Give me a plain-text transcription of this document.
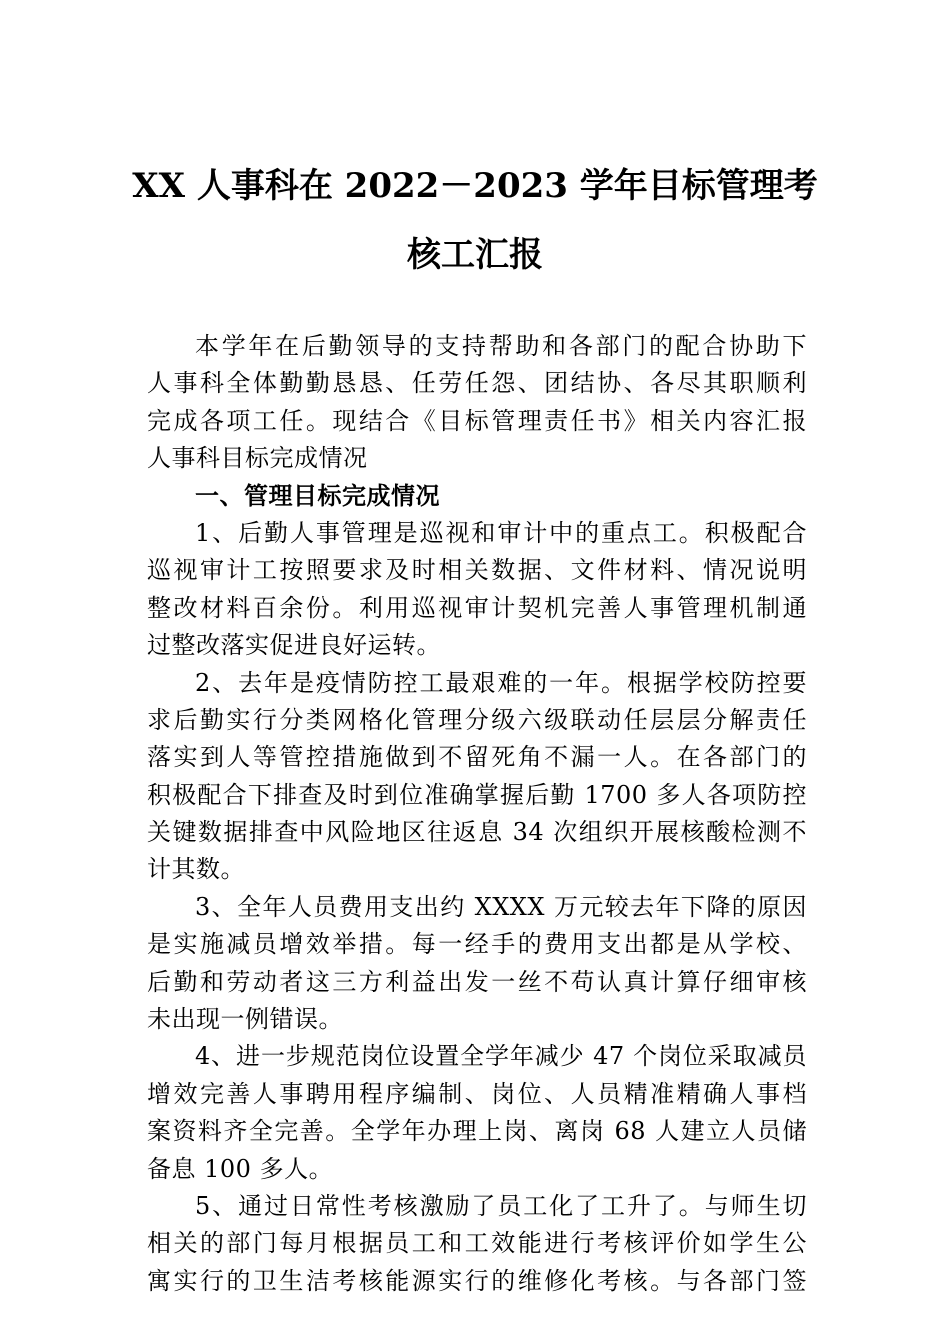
XX 人事科在 2022－2023 学年目标管理考
核工汇报
本学年在后勤领导的支持帮助和各部门的配合协助下
人事科全体勤勤恳恳、任劳任怨、团结协、各尽其职顺利
完成各项工任。现结合《目标管理责任书》相关内容汇报
人事科目标完成情况
一、管理目标完成情况
1、后勤人事管理是巡视和审计中的重点工。积极配合
巡视审计工按照要求及时相关数据、文件材料、情况说明
整改材料百余份。利用巡视审计契机完善人事管理机制通
过整改落实促进良好运转。
2、去年是疫情防控工最艰难的一年。根据学校防控要
求后勤实行分类网格化管理分级六级联动任层层分解责任
落实到人等管控措施做到不留死角不漏一人。在各部门的
积极配合下排查及时到位准确掌握后勤 1700 多人各项防控
关键数据排查中风险地区往返息 34 次组织开展核酸检测不
计其数。
3、全年人员费用支出约 XXXX 万元较去年下降的原因
是实施减员增效举措。每一经手的费用支出都是从学校、
后勤和劳动者这三方利益出发一丝不苟认真计算仔细审核
未出现一例错误。
4、进一步规范岗位设置全学年减少 47 个岗位采取减员
增效完善人事聘用程序编制、岗位、人员精准精确人事档
案资料齐全完善。全学年办理上岗、离岗 68 人建立人员储
备息 100 多人。
5、通过日常性考核激励了员工化了工升了。与师生切
相关的部门每月根据员工和工效能进行考核评价如学生公
寓实行的卫生洁考核能源实行的维修化考核。与各部门签
